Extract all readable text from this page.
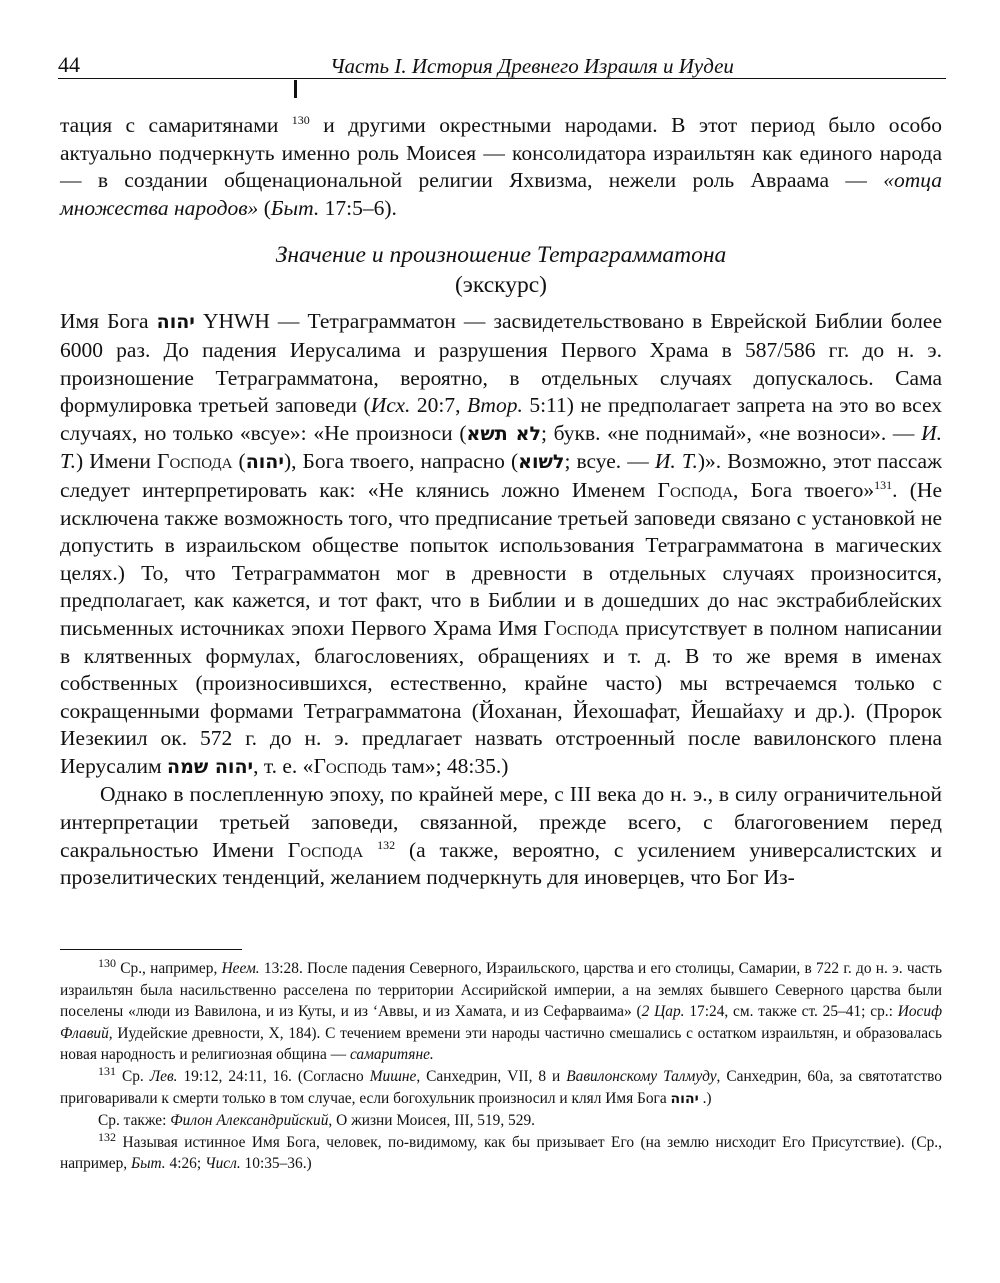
44	Часть I. История Древнего Израиля и Иудеи

тация с самаритянами $^{130}$ и другими окрестными народами. В этот период было особо актуально подчеркнуть именно роль Моисея — консолидатора израильтян как единого народа — в создании общенациональной религии Яхвизма, нежели роль Авраама — «отца множества народов» (Быт. 17:5–6).

Значение и произношение Тетраграмматона
(экскурс)

Имя Бога יהוה YHWH — Тетраграмматон — засвидетельствовано в Еврейской Библии более 6000 раз. До падения Иерусалима и разрушения Первого Храма в 587/586 гг. до н. э. произношение Тетраграмматона, вероятно, в отдельных случаях допускалось. Сама формулировка третьей заповеди (Исх. 20:7, Втор. 5:11) не предполагает запрета на это во всех случаях, но только «всуе»: «Не произноси (לא תשא; букв. «не поднимай», «не возноси». — И. Т.) Имени Господа (יהוה), Бога твоего, напрасно (לשוא; всуе. — И. Т.)». Возможно, этот пассаж следует интерпретировать как: «Не клянись ложно Именем Господа, Бога твоего»$^{131}$. (Не исключена также возможность того, что предписание третьей заповеди связано с установкой не допустить в израильском обществе попыток использования Тетраграмматона в магических целях.) То, что Тетраграмматон мог в древности в отдельных случаях произносится, предполагает, как кажется, и тот факт, что в Библии и в дошедших до нас экстрабиблейских письменных источниках эпохи Первого Храма Имя Господа присутствует в полном написании в клятвенных формулах, благословениях, обращениях и т. д. В то же время в именах собственных (произносившихся, естественно, крайне часто) мы встречаемся только с сокращенными формами Тетраграмматона (Йоханан, Йехошафат, Йешайаху и др.). (Пророк Иезекиил ок. 572 г. до н. э. предлагает назвать отстроенный после вавилонского плена Иерусалим יהוה שמה, т. е. «Господь там»; 48:35.)

Однако в послепленную эпоху, по крайней мере, с III века до н. э., в силу ограничительной интерпретации третьей заповеди, связанной, прежде всего, с благоговением перед сакральностью Имени Господа $^{132}$ (а также, вероятно, с усилением универсалистских и прозелитических тенденций, желанием подчеркнуть для иноверцев, что Бог Из-

$^{130}$ Ср., например, Неем. 13:28. После падения Северного, Израильского, царства и его столицы, Самарии, в 722 г. до н. э. часть израильтян была насильственно расселена по территории Ассирийской империи, а на землях бывшего Северного царства были поселены «люди из Вавилона, и из Куты, и из ‘Аввы, и из Хамата, и из Сефарваима» (2 Цар. 17:24, см. также ст. 25–41; ср.: Иосиф Флавий, Иудейские древности, X, 184). С течением времени эти народы частично смешались с остатком израильтян, и образовалась новая народность и религиозная община — самаритяне.

$^{131}$ Ср. Лев. 19:12, 24:11, 16. (Согласно Мишне, Санхедрин, VII, 8 и Вавилонскому Талмуду, Санхедрин, 60а, за святотатство приговаривали к смерти только в том случае, если богохульник произносил и клял Имя Бога יהוה .)

Ср. также: Филон Александрийский, О жизни Моисея, III, 519, 529.

$^{132}$ Называя истинное Имя Бога, человек, по-видимому, как бы призывает Его (на землю нисходит Его Присутствие). (Ср., например, Быт. 4:26; Числ. 10:35–36.)
